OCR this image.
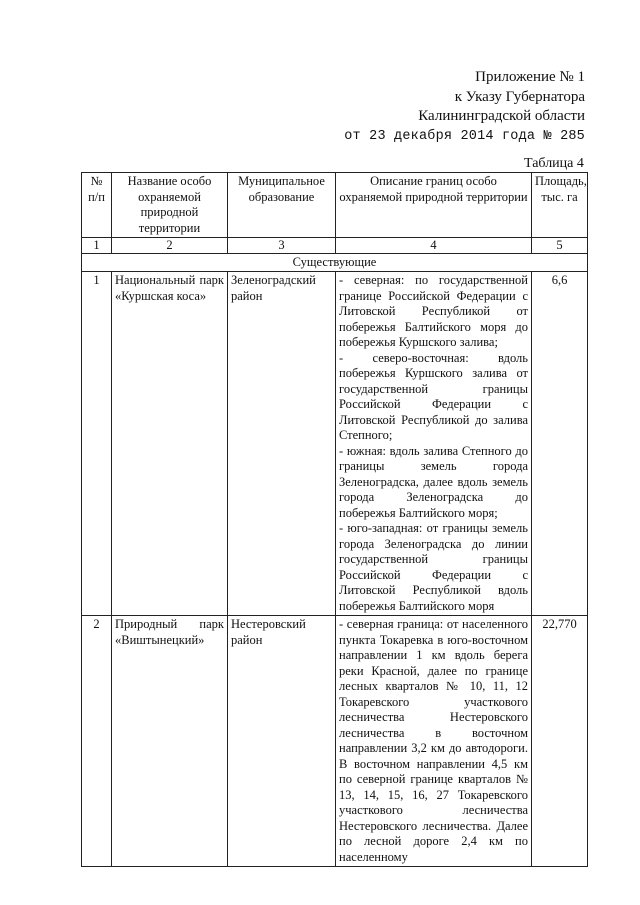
Приложение № 1
к Указу Губернатора
Калининградской области
от 23 декабря 2014 года № 285
Таблица 4
№ п/п	Название особо охраняемой природной территории	Муниципальное образование	Описание границ особо охраняемой природной территории	Площадь, тыс. га
1	2	3	4	5
Существующие				
1	Национальный парк «Куршская коса»	Зеленоградский район	- северная: по государственной границе Российской Федерации с Литовской Республикой от побережья Балтийского моря до побережья Куршского залива;
- северо-восточная: вдоль побережья Куршского залива от государственной границы Российской Федерации с Литовской Республикой до залива Степного;
- южная: вдоль залива Степного до границы земель города Зеленоградска, далее вдоль земель города Зеленоградска до побережья Балтийского моря;
- юго-западная: от границы земель города Зеленоградска до линии государственной границы Российской Федерации с Литовской Республикой вдоль побережья Балтийского моря	6,6
2	Природный парк «Виштынецкий»	Нестеровский район	- северная граница: от населенного пункта Токаревка в юго-восточном направлении 1 км вдоль берега реки Красной, далее по границе лесных кварталов № 10, 11, 12 Токаревского участкового лесничества Нестеровского лесничества в восточном направлении 3,2 км до автодороги. В восточном направлении 4,5 км по северной границе кварталов № 13, 14, 15, 16, 27 Токаревского участкового лесничества Нестеровского лесничества. Далее по лесной дороге 2,4 км по населенному	22,770
